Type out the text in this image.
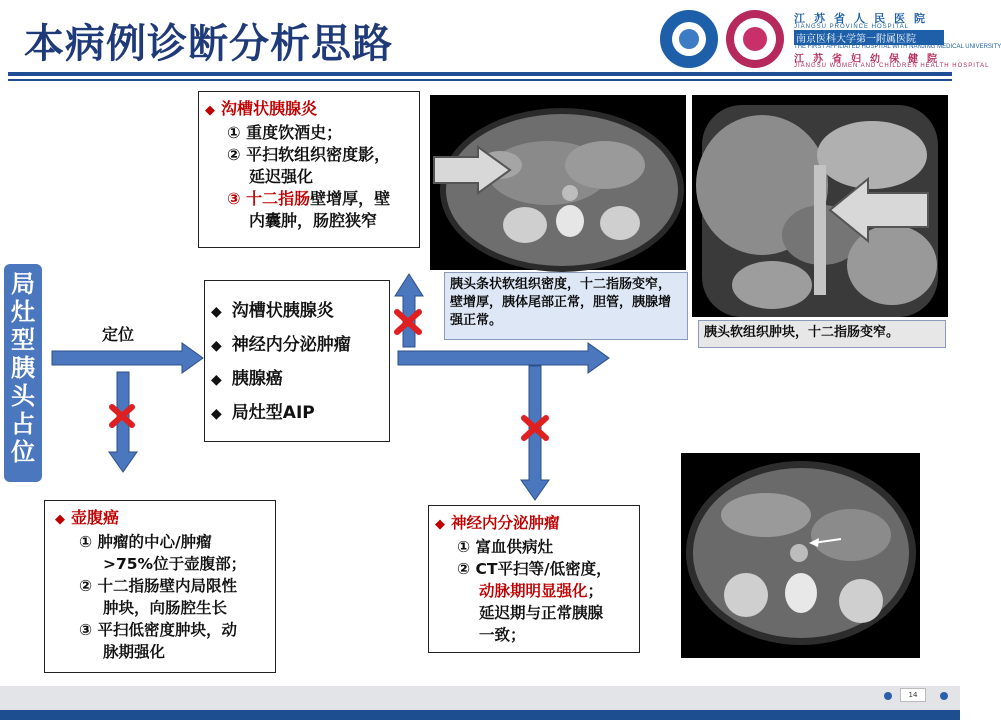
本病例诊断分析思路
江苏省人民医院
JIANGSU PROVINCE HOSPITAL
南京医科大学第一附属医院
THE FIRST AFFILIATED HOSPITAL WITH NANJING MEDICAL UNIVERSITY
江苏省妇幼保健院
JIANGSU WOMEN AND CHILDREN HEALTH HOSPITAL
局
灶
型
胰
头
占
位
定位
◆ 沟槽状胰腺炎
① 重度饮酒史；
② 平扫软组织密度影，
延迟强化
③ 十二指肠壁增厚，壁
内囊肿，肠腔狭窄
◆ 沟槽状胰腺炎
◆ 神经内分泌肿瘤
◆ 胰腺癌
◆ 局灶型AIP
◆ 壶腹癌
① 肿瘤的中心/肿瘤
>75%位于壶腹部；
② 十二指肠壁内局限性
肿块，向肠腔生长
③ 平扫低密度肿块，动
脉期强化
◆ 神经内分泌肿瘤
① 富血供病灶
② CT平扫等/低密度，
动脉期明显强化；
延迟期与正常胰腺
一致；
胰头条状软组织密度，十二指肠变窄，壁增厚，胰体尾部正常，胆管，胰腺增强正常。
胰头软组织肿块，十二指肠变窄。
14
